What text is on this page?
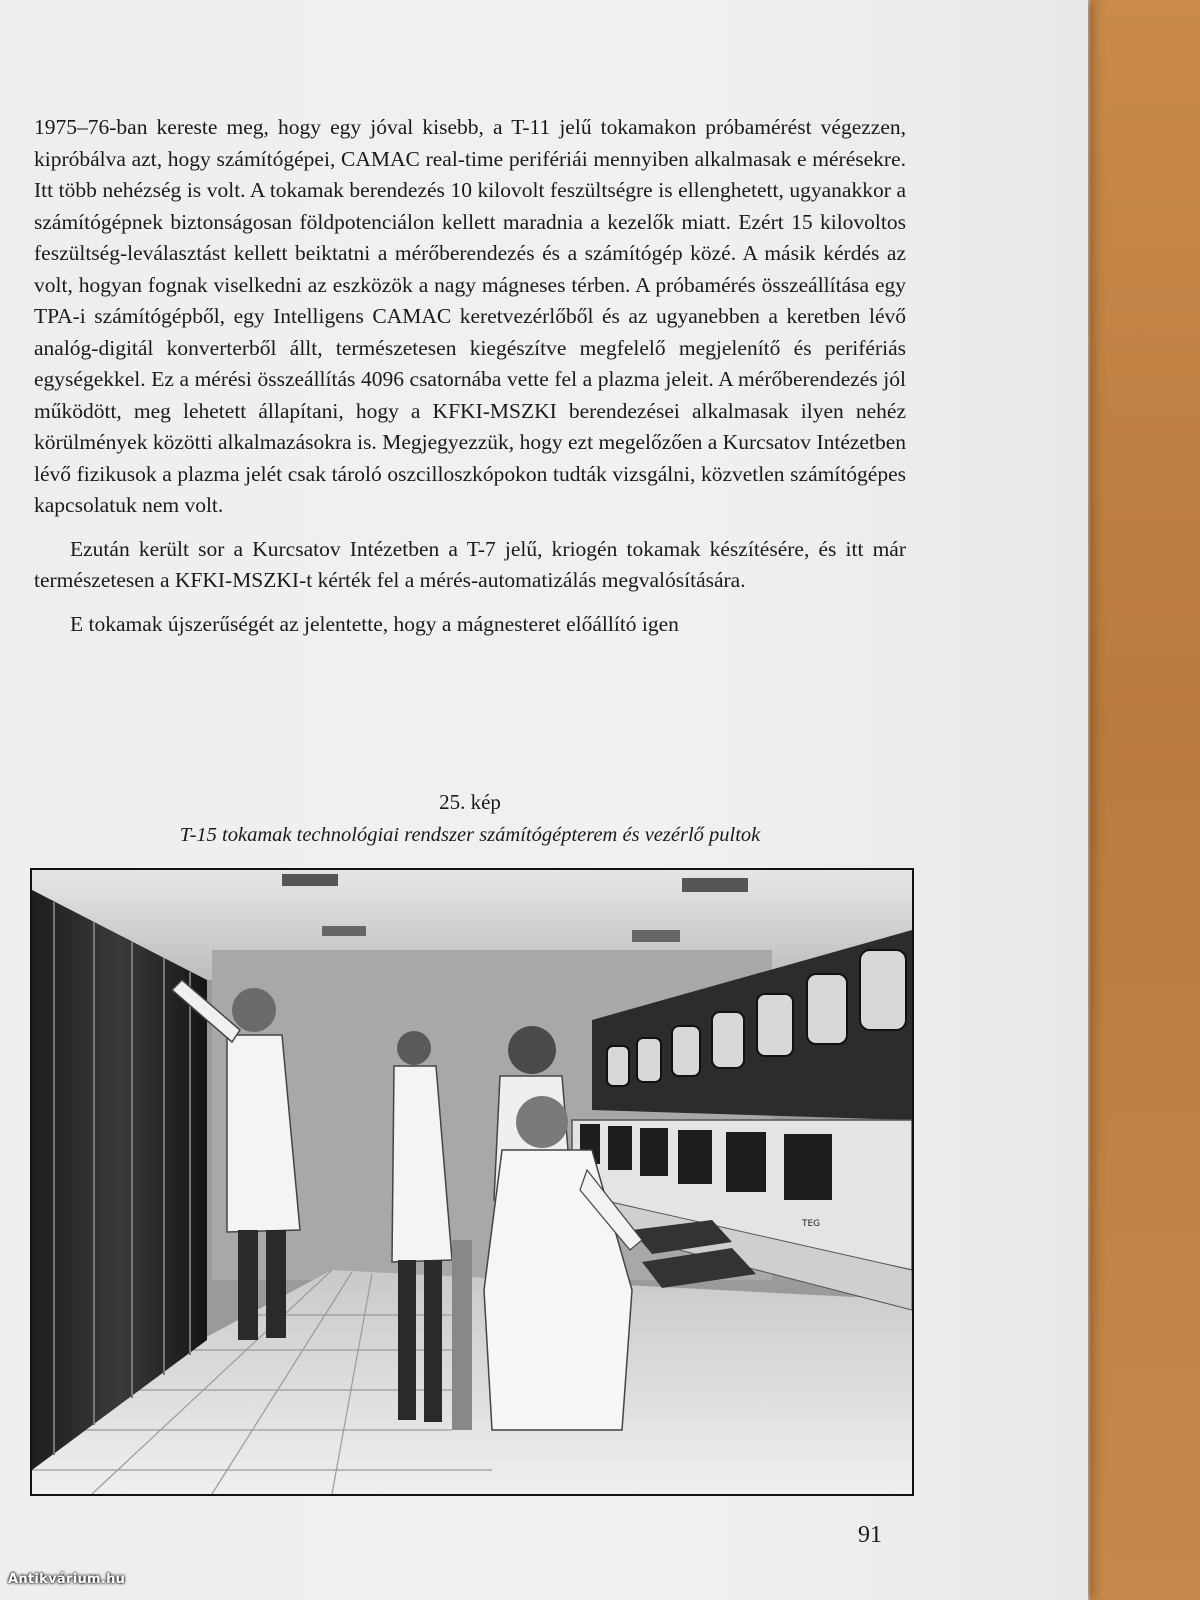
1975–76-ban kereste meg, hogy egy jóval kisebb, a T-11 jelű tokamakon próbamérést végezzen, kipróbálva azt, hogy számítógépei, CAMAC real-time perifériái mennyiben alkalmasak e mérésekre. Itt több nehézség is volt. A tokamak berendezés 10 kilovolt feszültségre is ellenghetett, ugyanakkor a számítógépnek biztonságosan földpotenciálon kellett maradnia a kezelők miatt. Ezért 15 kilovoltos feszültség-leválasztást kellett beiktatni a mérőberendezés és a számítógép közé. A másik kérdés az volt, hogyan fognak viselkedni az eszközök a nagy mágneses térben. A próbamérés összeállítása egy TPA-i számítógépből, egy Intelligens CAMAC keretvezérlőből és az ugyanebben a keretben lévő analóg-digitál konverterből állt, természetesen kiegészítve megfelelő megjelenítő és perifériás egységekkel. Ez a mérési összeállítás 4096 csatornába vette fel a plazma jeleit. A mérőberendezés jól működött, meg lehetett állapítani, hogy a KFKI-MSZKI berendezései alkalmasak ilyen nehéz körülmények közötti alkalmazásokra is. Megjegyezzük, hogy ezt megelőzően a Kurcsatov Intézetben lévő fizikusok a plazma jelét csak tároló oszcilloszkópokon tudták vizsgálni, közvetlen számítógépes kapcsolatuk nem volt.

Ezután került sor a Kurcsatov Intézetben a T-7 jelű, kriogén tokamak készítésére, és itt már természetesen a KFKI-MSZKI-t kérték fel a mérés-automatizálás megvalósítására.

E tokamak újszerűségét az jelentette, hogy a mágnesteret előállító igen

25. kép
T-15 tokamak technológiai rendszer számítógépterem és vezérlő pultok
TEG
91
Antikvárium.hu
